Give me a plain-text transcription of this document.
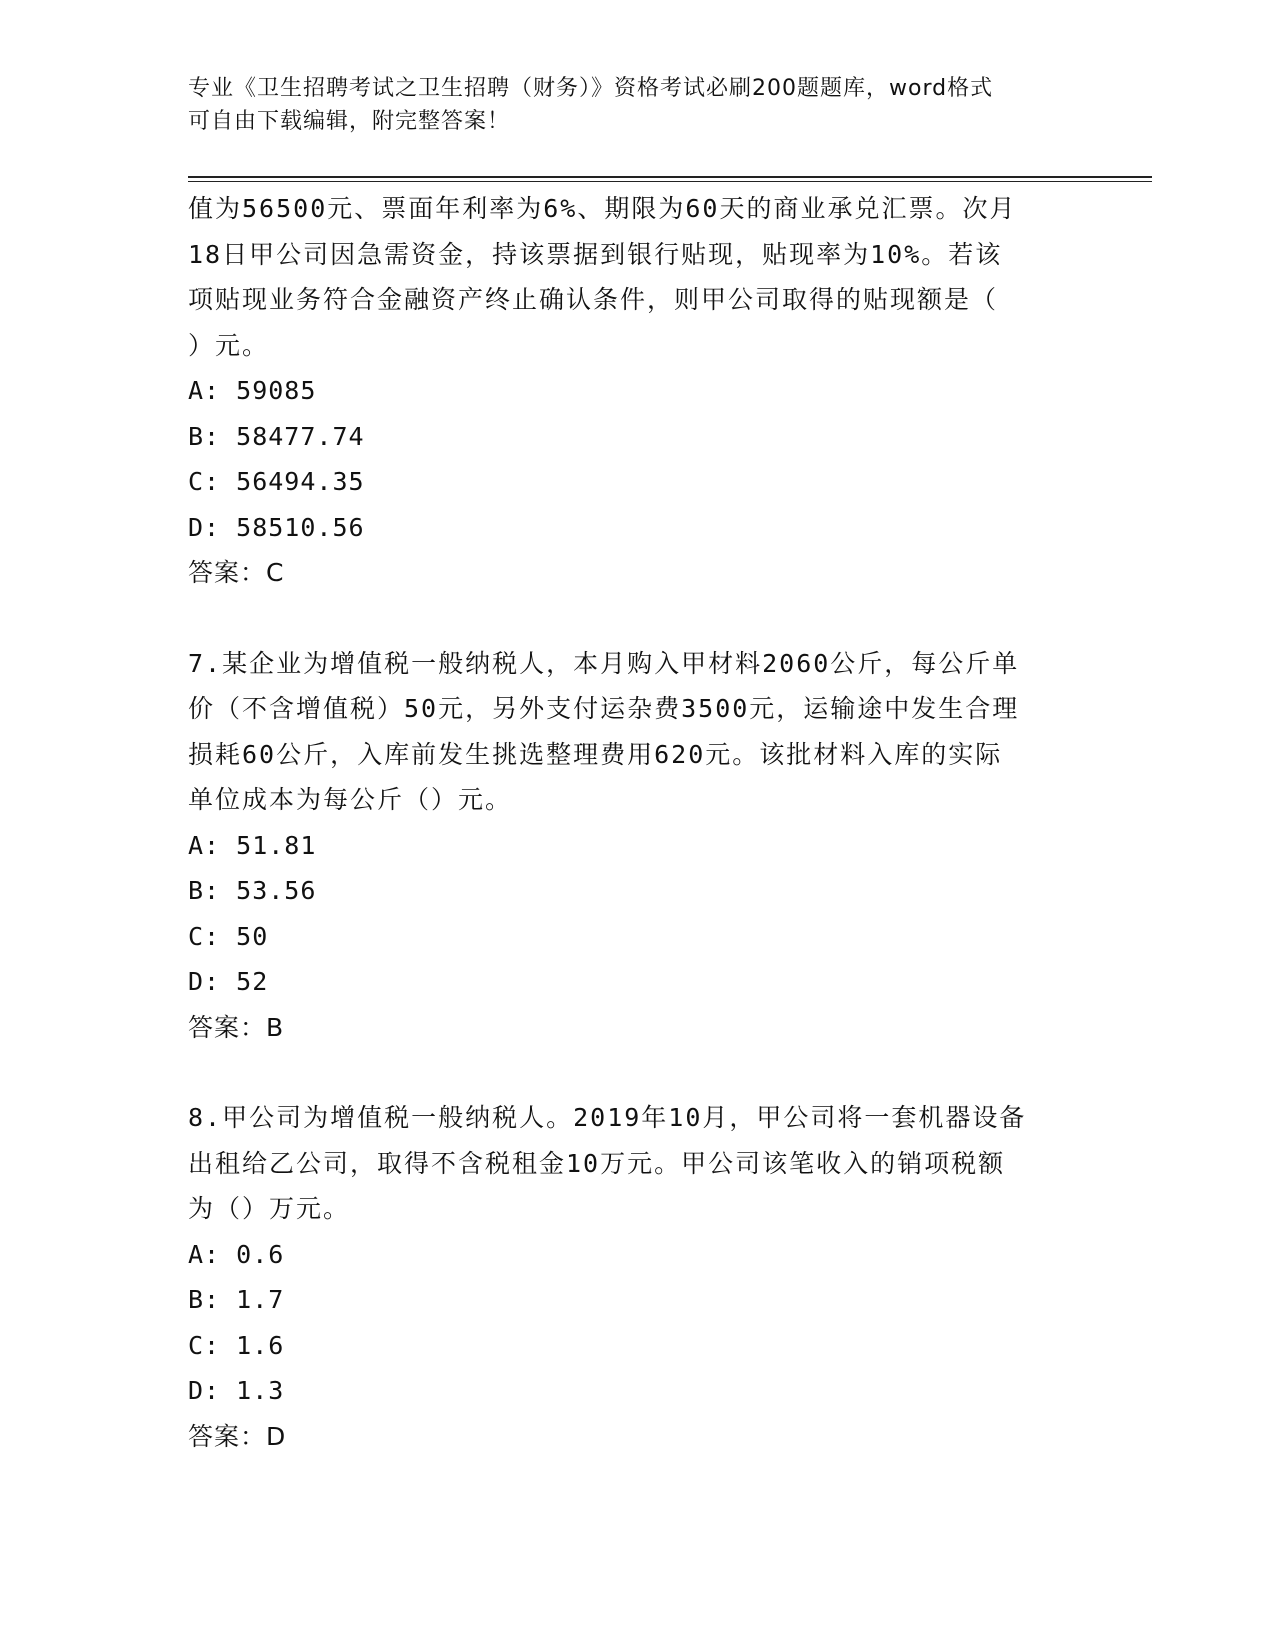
专业《卫生招聘考试之卫生招聘（财务）》资格考试必刷200题题库，word格式
可自由下载编辑，附完整答案！

值为56500元、票面年利率为6%、期限为60天的商业承兑汇票。次月

18日甲公司因急需资金，持该票据到银行贴现，贴现率为10%。若该

项贴现业务符合金融资产终止确认条件，则甲公司取得的贴现额是（

）元。

A: 59085

B: 58477.74

C: 56494.35

D: 58510.56

答案：C

7.某企业为增值税一般纳税人，本月购入甲材料2060公斤，每公斤单

价（不含增值税）50元，另外支付运杂费3500元，运输途中发生合理

损耗60公斤，入库前发生挑选整理费用620元。该批材料入库的实际

单位成本为每公斤（）元。

A: 51.81

B: 53.56

C: 50

D: 52

答案：B

8.甲公司为增值税一般纳税人。2019年10月，甲公司将一套机器设备

出租给乙公司，取得不含税租金10万元。甲公司该笔收入的销项税额

为（）万元。

A: 0.6

B: 1.7

C: 1.6

D: 1.3

答案：D
